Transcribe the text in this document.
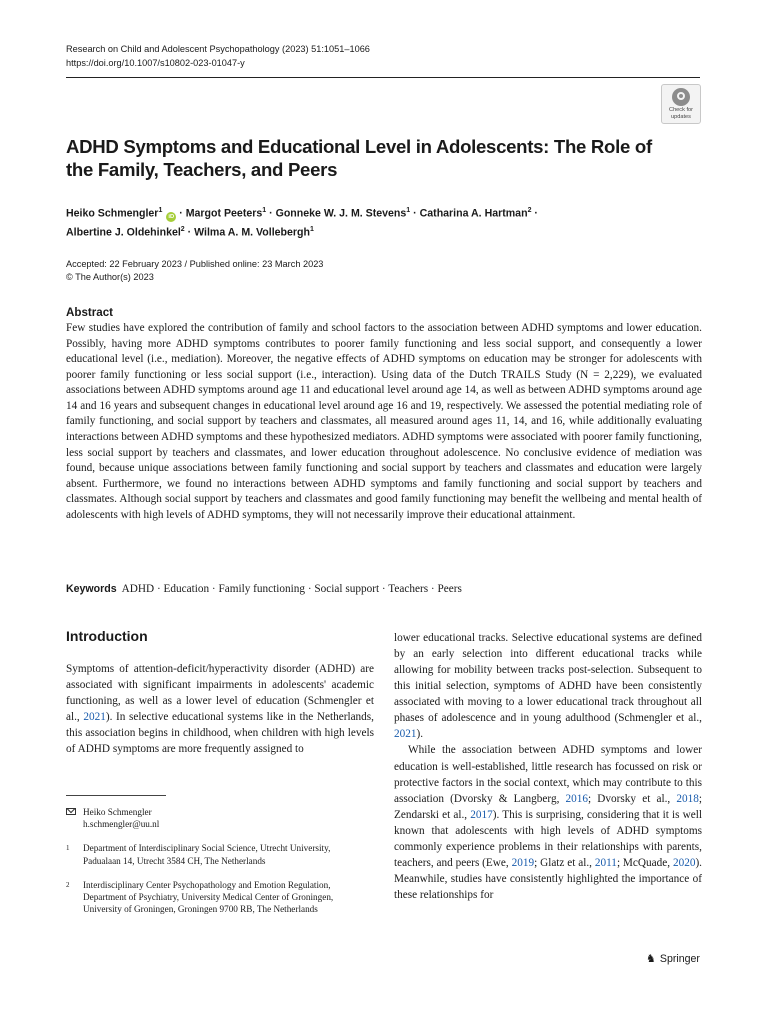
Research on Child and Adolescent Psychopathology (2023) 51:1051–1066
https://doi.org/10.1007/s10802-023-01047-y
Check for
updates
ADHD Symptoms and Educational Level in Adolescents: The Role of the Family, Teachers, and Peers
Heiko Schmengler$^1$ iD · Margot Peeters$^1$ · Gonneke W. J. M. Stevens$^1$ · Catharina A. Hartman$^2$ ·
Albertine J. Oldehinkel$^2$ · Wilma A. M. Vollebergh$^1$
Accepted: 22 February 2023 / Published online: 23 March 2023
© The Author(s) 2023
Abstract

Few studies have explored the contribution of family and school factors to the association between ADHD symptoms and lower education. Possibly, having more ADHD symptoms contributes to poorer family functioning and less social support, and consequently a lower educational level (i.e., mediation). Moreover, the negative effects of ADHD symptoms on education may be stronger for adolescents with poorer family functioning or less social support (i.e., interaction). Using data of the Dutch TRAILS Study (N = 2,229), we evaluated associations between ADHD symptoms around age 11 and educational level around age 14, as well as between ADHD symptoms around age 14 and 16 years and subsequent changes in educational level around age 16 and 19, respectively. We assessed the potential mediating role of family functioning, and social support by teachers and classmates, all measured around ages 11, 14, and 16, while additionally evaluating interactions between ADHD symptoms and these hypothesized mediators. ADHD symptoms were associated with poorer family functioning, less social support by teachers and classmates, and lower education throughout adolescence. No conclusive evidence of mediation was found, because unique associations between family functioning and social support by teachers and classmates and education were largely absent. Furthermore, we found no interactions between ADHD symptoms and family functioning and social support by teachers and classmates. Although social support by teachers and classmates and good family functioning may benefit the wellbeing and mental health of adolescents with high levels of ADHD symptoms, they will not necessarily improve their educational attainment.

Keywords ADHD · Education · Family functioning · Social support · Teachers · Peers
Introduction

Symptoms of attention-deficit/hyperactivity disorder (ADHD) are associated with significant impairments in adolescents' academic functioning, as well as a lower level of education (Schmengler et al., 2021). In selective educational systems like in the Netherlands, this association begins in childhood, when children with high levels of ADHD symptoms are more frequently assigned to

lower educational tracks. Selective educational systems are defined by an early selection into different educational tracks while allowing for mobility between tracks post-selection. Subsequent to this initial selection, symptoms of ADHD have been consistently associated with moving to a lower educational track throughout all phases of adolescence and in young adulthood (Schmengler et al., 2021).
While the association between ADHD symptoms and lower education is well-established, little research has focussed on risk or protective factors in the social context, which may contribute to this association (Dvorsky & Langberg, 2016; Dvorsky et al., 2018; Zendarski et al., 2017). This is surprising, considering that it is well known that adolescents with high levels of ADHD symptoms commonly experience problems in their relationships with parents, teachers, and peers (Ewe, 2019; Glatz et al., 2011; McQuade, 2020). Meanwhile, studies have consistently highlighted the importance of these relationships for
Heiko Schmengler
h.schmengler@uu.nl
1 Department of Interdisciplinary Social Science, Utrecht University, Padualaan 14, Utrecht 3584 CH, The Netherlands
2 Interdisciplinary Center Psychopathology and Emotion Regulation, Department of Psychiatry, University Medical Center of Groningen, University of Groningen, Groningen 9700 RB, The Netherlands
♞ Springer
